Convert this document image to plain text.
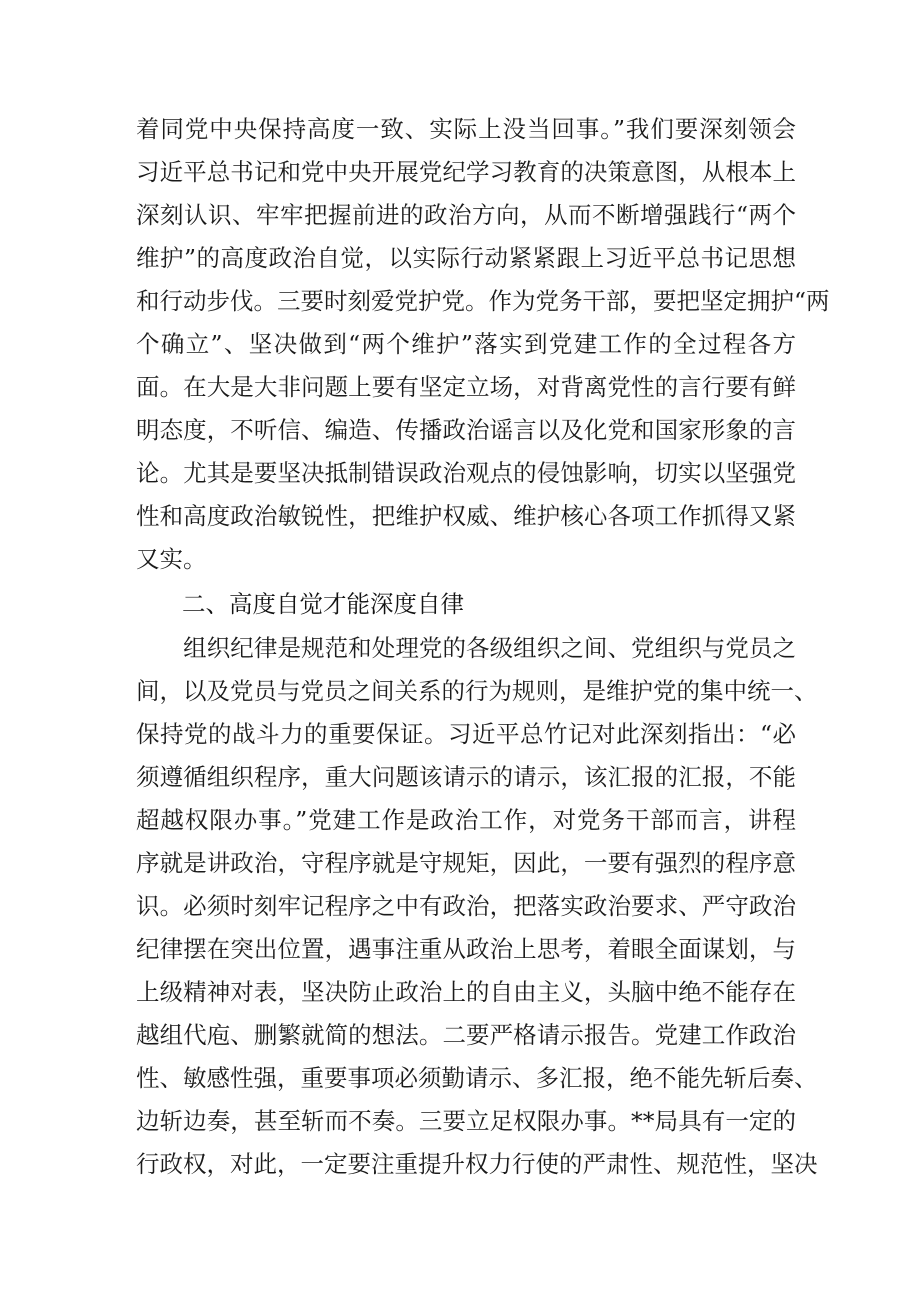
着同党中央保持高度一致、实际上没当回事。”我们要深刻领会
习近平总书记和党中央开展党纪学习教育的决策意图，从根本上
深刻认识、牢牢把握前进的政治方向，从而不断增强践行“两个
维护”的高度政治自觉，以实际行动紧紧跟上习近平总书记思想
和行动步伐。三要时刻爱党护党。作为党务干部，要把坚定拥护“两
个确立”、坚决做到“两个维护”落实到党建工作的全过程各方
面。在大是大非问题上要有坚定立场，对背离党性的言行要有鲜
明态度，不听信、编造、传播政治谣言以及化党和国家形象的言
论。尤其是要坚决抵制错误政治观点的侵蚀影响，切实以坚强党
性和高度政治敏锐性，把维护权威、维护核心各项工作抓得又紧
又实。
二、高度自觉才能深度自律
　　组织纪律是规范和处理党的各级组织之间、党组织与党员之
间，以及党员与党员之间关系的行为规则，是维护党的集中统一、
保持党的战斗力的重要保证。习近平总竹记对此深刻指出：“必
须遵循组织程序，重大问题该请示的请示，该汇报的汇报，不能
超越权限办事。”党建工作是政治工作，对党务干部而言，讲程
序就是讲政治，守程序就是守规矩，因此，一要有强烈的程序意
识。必须时刻牢记程序之中有政治，把落实政治要求、严守政治
纪律摆在突出位置，遇事注重从政治上思考，着眼全面谋划，与
上级精神对表，坚决防止政治上的自由主义，头脑中绝不能存在
越组代庖、删繁就简的想法。二要严格请示报告。党建工作政治
性、敏感性强，重要事项必须勤请示、多汇报，绝不能先斩后奏、
边斩边奏，甚至斩而不奏。三要立足权限办事。**局具有一定的
行政权，对此，一定要注重提升权力行使的严肃性、规范性，坚决
